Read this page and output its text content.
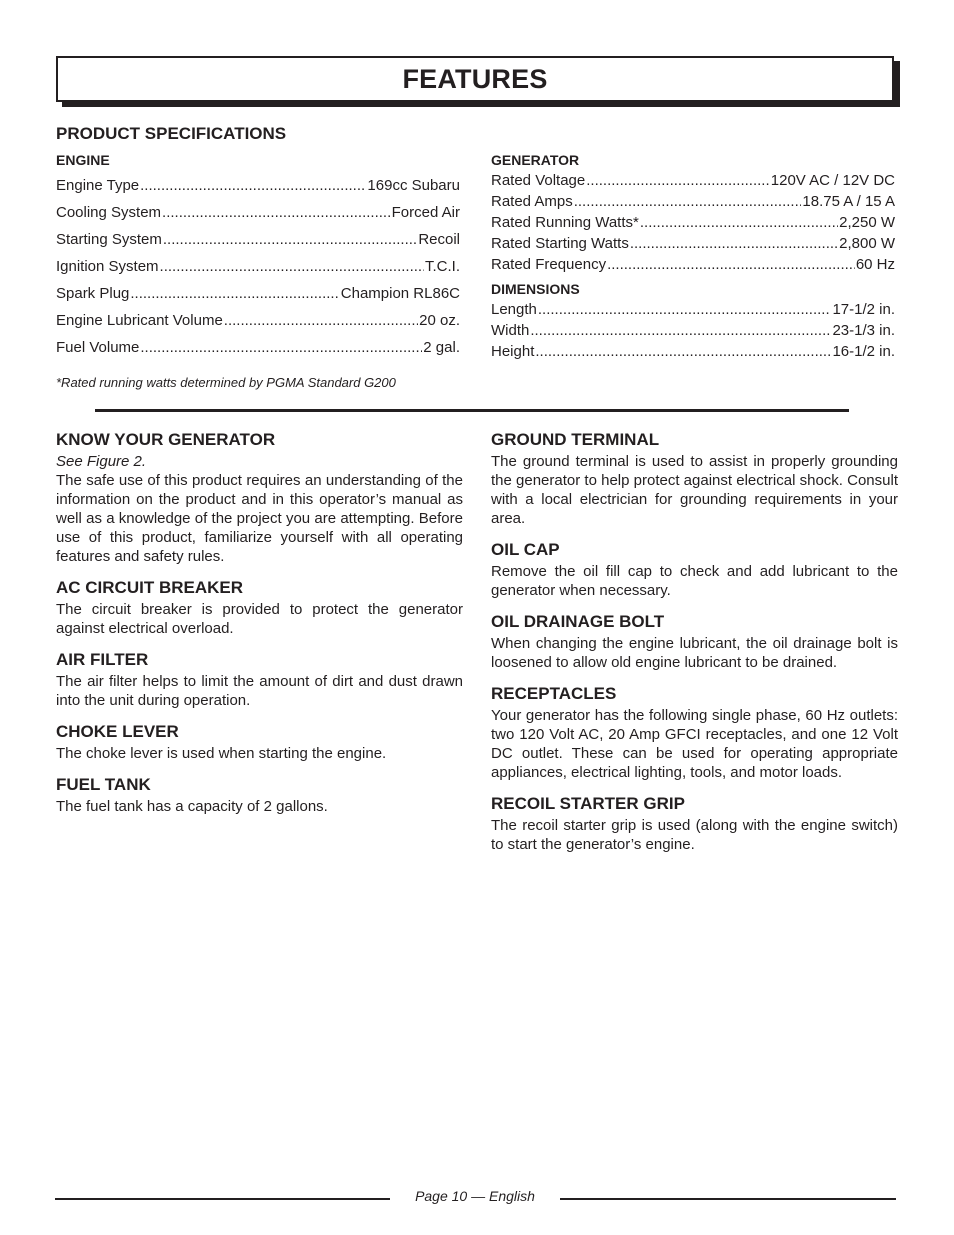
FEATURES
PRODUCT SPECIFICATIONS
ENGINE
Engine Type .....	169cc Subaru
Cooling System .....	Forced Air
Starting System .....	Recoil
Ignition System .....	T.C.I.
Spark Plug .....	Champion RL86C
Engine Lubricant Volume .....	20 oz.
Fuel Volume .....	2 gal.
GENERATOR
Rated Voltage .....	120V AC / 12V DC
Rated Amps .....	18.75 A / 15 A
Rated Running Watts* .....	2,250 W
Rated Starting Watts .....	2,800 W
Rated Frequency .....	60 Hz
DIMENSIONS
Length .....	17-1/2 in.
Width .....	23-1/3 in.
Height .....	16-1/2 in.
*Rated running watts determined by PGMA Standard G200
KNOW YOUR GENERATOR
See Figure 2.

The safe use of this product requires an understanding of the information on the product and in this operator’s manual as well as a knowledge of the project you are attempting. Before use of this product, familiarize yourself with all operating features and safety rules.

AC CIRCUIT BREAKER

The circuit breaker is provided to protect the generator against electrical overload.

AIR FILTER

The air filter helps to limit the amount of dirt and dust drawn into the unit during operation.

CHOKE LEVER

The choke lever is used when starting the engine.

FUEL TANK

The fuel tank has a capacity of 2 gallons.

GROUND TERMINAL

The ground terminal is used to assist in properly grounding the generator to help protect against electrical shock. Consult with a local electrician for grounding requirements in your area.

OIL CAP

Remove the oil fill cap to check and add lubricant to the generator when necessary.

OIL DRAINAGE BOLT

When changing the engine lubricant, the oil drainage bolt is loosened to allow old engine lubricant to be drained.

RECEPTACLES

Your generator has the following single phase, 60 Hz outlets: two 120 Volt AC, 20 Amp GFCI receptacles, and one 12 Volt DC outlet. These can be used for operating appropriate appliances, electrical lighting, tools, and motor loads.

RECOIL STARTER GRIP

The recoil starter grip is used (along with the engine switch) to start the generator’s engine.

Page 10 — English
